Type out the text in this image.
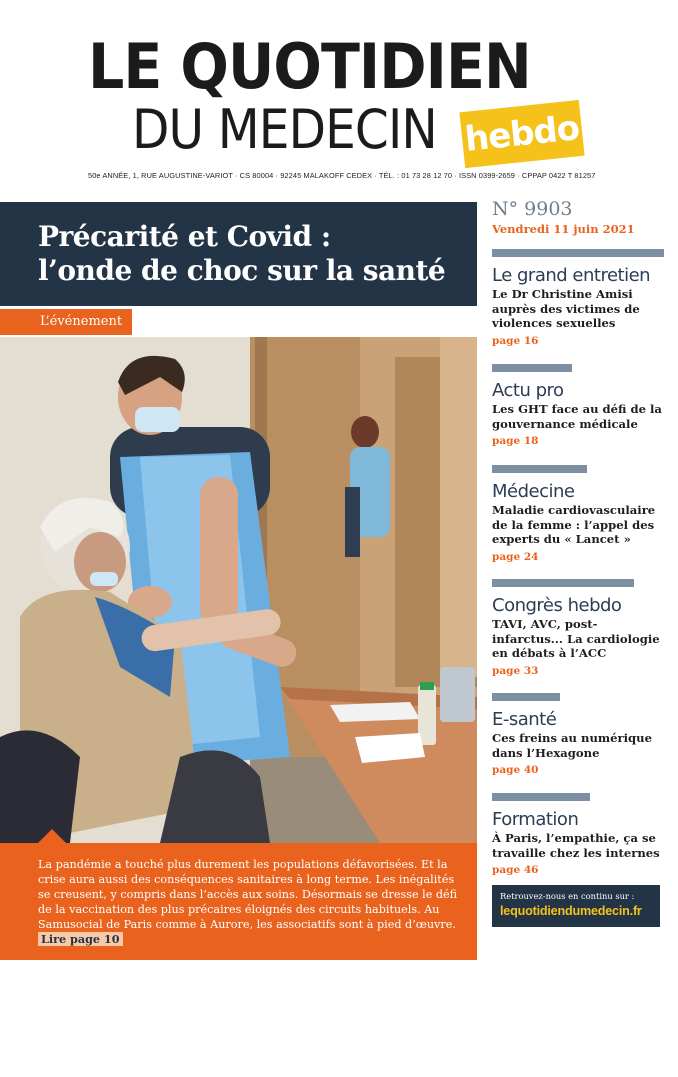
LE QUOTIDIEN
DU MEDECIN hebdo
50e ANNÉE, 1, RUE AUGUSTINE-VARIOT · CS 80004 · 92245 MALAKOFF CEDEX · TÉL. : 01 73 28 12 70 · ISSN 0399-2659 · CPPAP 0422 T 81257
Précarité et Covid :
l’onde de choc sur la santé
L’événement
SÉBASTIEN TOUBON

La pandémie a touché plus durement les populations défavorisées. Et la crise aura aussi des conséquences sanitaires à long terme. Les inégalités se creusent, y compris dans l’accès aux soins. Désormais se dresse le défi de la vaccination des plus précaires éloignés des circuits habituels. Au Samusocial de Paris comme à Aurore, les associatifs sont à pied d’œuvre. Lire page 10

N° 9903
Vendredi 11 juin 2021
Le grand entretien
Le Dr Christine Amisi auprès des victimes de violences sexuelles
page 16
Actu pro
Les GHT face au défi de la gouvernance médicale
page 18
Médecine
Maladie cardiovasculaire de la femme : l’appel des experts du « Lancet »
page 24
Congrès hebdo
TAVI, AVC, post-infarctus... La cardiologie en débats à l’ACC
page 33
E-santé
Ces freins au numérique dans l’Hexagone
page 40
Formation
À Paris, l’empathie, ça se travaille chez les internes
page 46
Retrouvez-nous en continu sur :
lequotidiendumedecin.fr
